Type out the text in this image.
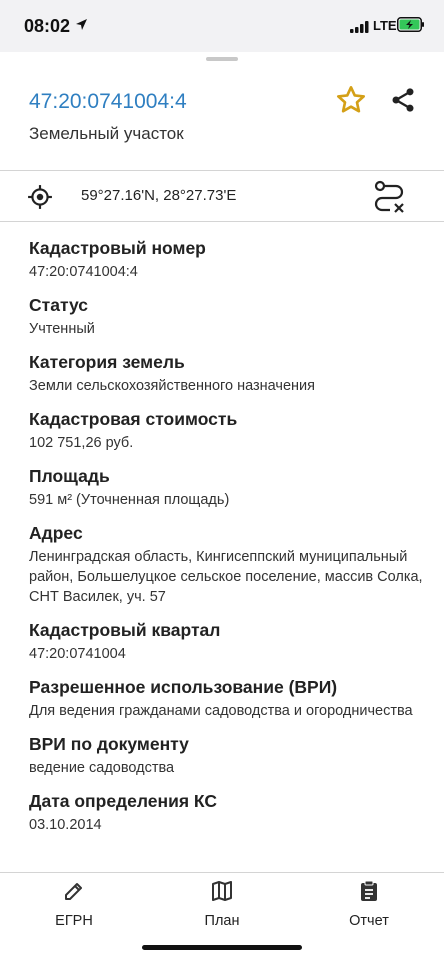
08:02	LTE
47:20:0741004:4
Земельный участок
59°27.16'N, 28°27.73'E
Кадастровый номер
47:20:0741004:4
Статус
Учтенный
Категория земель
Земли сельскохозяйственного назначения
Кадастровая стоимость
102 751,26 руб.
Площадь
591 м² (Уточненная площадь)
Адрес
Ленинградская область, Кингисеппский муниципальный район, Большелуцкое сельское поселение, массив Солка, СНТ Василек, уч. 57
Кадастровый квартал
47:20:0741004
Разрешенное использование (ВРИ)
Для ведения гражданами садоводства и огородничества
ВРИ по документу
ведение садоводства
Дата определения КС
03.10.2014
ЕГРН	План	Отчет
